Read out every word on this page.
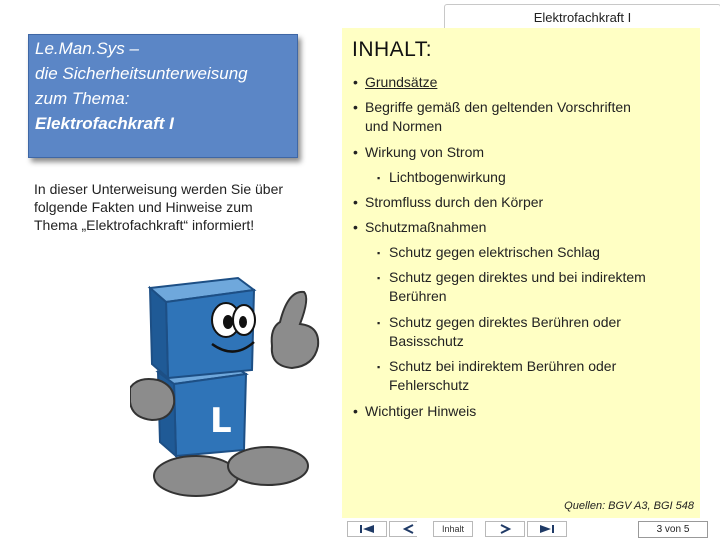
Elektrofachkraft I
Le.Man.Sys –
die Sicherheitsunterweisung
zum Thema:
Elektrofachkraft I
In dieser Unterweisung werden Sie über folgende Fakten und Hinweise zum Thema „Elektrofachkraft“ informiert!
L
INHALT:
• Grundsätze
• Begriffe gemäß den geltenden Vorschriften
und Normen
• Wirkung von Strom
▪ Lichtbogenwirkung
• Stromfluss durch den Körper
• Schutzmaßnahmen
▪ Schutz gegen elektrischen Schlag
▪ Schutz gegen direktes und bei indirektem
Berühren
▪ Schutz gegen direktes Berühren oder
Basisschutz
▪ Schutz bei indirektem Berühren oder
Fehlerschutz
• Wichtiger Hinweis
Quellen: BGV A3, BGI 548
Inhalt	3 von 5
